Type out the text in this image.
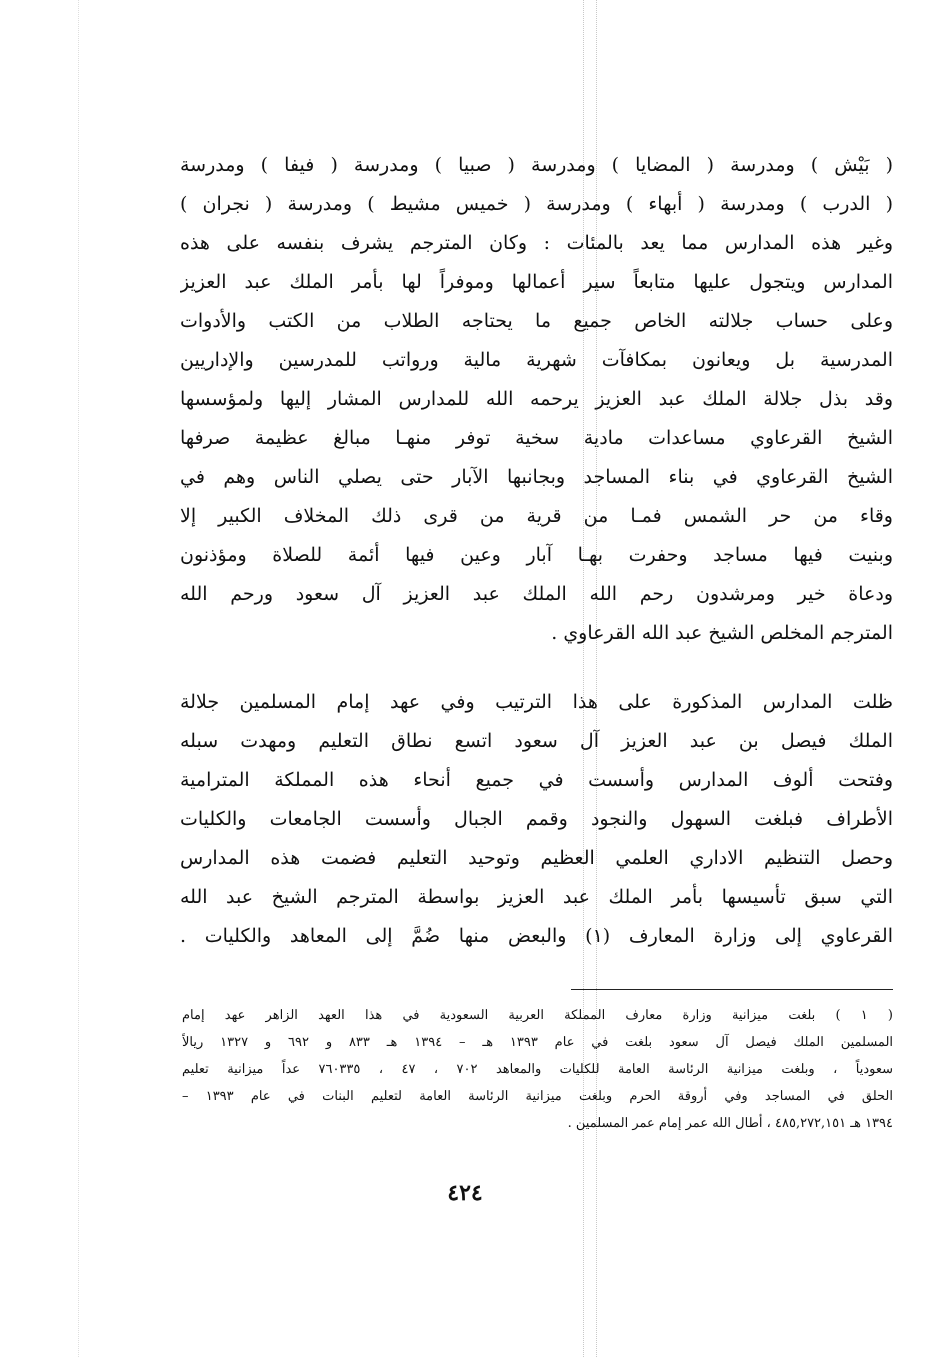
( بَيْش ) ومدرسة ( المضايا ) ومدرسة ( صبيا ) ومدرسة ( فيفا ) ومدرسة
( الدرب ) ومدرسة ( أبهاء ) ومدرسة ( خميس مشيط ) ومدرسة ( نجران )
وغير هذه المدارس مما يعد بالمئات : وكان المترجم يشرف بنفسه على هذه
المدارس ويتجول عليها متابعاً سير أعمالها وموفراً لها بأمر الملك عبد العزيز
وعلى حساب جلالته الخاص جميع ما يحتاجه الطلاب من الكتب والأدوات
المدرسية بل ويعانون بمكافآت شهرية مالية ورواتب للمدرسين والإداريين
وقد بذل جلالة الملك عبد العزيز يرحمه الله للمدارس المشار إليها ولمؤسسها
الشيخ القرعاوي مساعدات مادية سخية توفر منهـا مبالغ عظيمة صرفها
الشيخ القرعاوي في بناء المساجد وبجانبها الآبار حتى يصلي الناس وهم في
وقاء من حر الشمس فمـا من قرية من قرى ذلك المخلاف الكبير إلا
وبنيت فيها مساجد وحفرت بهـا آبار وعين فيها أئمة للصلاة ومؤذنون
ودعاة خير ومرشدون رحم الله الملك عبد العزيز آل سعود ورحم الله
المترجم المخلص الشيخ عبد الله القرعاوي .
ظلت المدارس المذكورة على هذا الترتيب وفي عهد إمام المسلمين جلالة
الملك فيصل بن عبد العزيز آل سعود اتسع نطاق التعليم ومهدت سبله
وفتحت ألوف المدارس وأسست في جميع أنحاء هذه المملكة المترامية
الأطراف فبلغت السهول والنجود وقمم الجبال وأسست الجامعات والكليات
وحصل التنظيم الاداري العلمي العظيم وتوحيد التعليم فضمت هذه المدارس
التي سبق تأسيسها بأمر الملك عبد العزيز بواسطة المترجم الشيخ عبد الله
القرعاوي إلى وزارة المعارف (١) والبعض منها ضُمَّ إلى المعاهد والكليات .
( ١ ) بلغت ميزانية وزارة معارف المملكة العربية السعودية في هذا العهد الزاهر عهد إمام
المسلمين الملك فيصل آل سعود بلغت في عام ١٣٩٣ هـ – ١٣٩٤ هـ ٨٣٣ و ٦٩٢ و ١٣٢٧ ريالاً
سعودياً ، وبلغت ميزانية الرئاسة العامة للكليات والمعاهد ٧٠٢ ، ٤٧ ، ٧٦٠٣٣٥ عداً ميزانية تعليم
الحلق في المساجد وفي أروقة الحرم وبلغت ميزانية الرئاسة العامة لتعليم البنات في عام ١٣٩٣ –
١٣٩٤ هـ ٤٨٥,٢٧٢,١٥١ ، أطال الله عمر إمام عمر المسلمين .
٤٢٤
